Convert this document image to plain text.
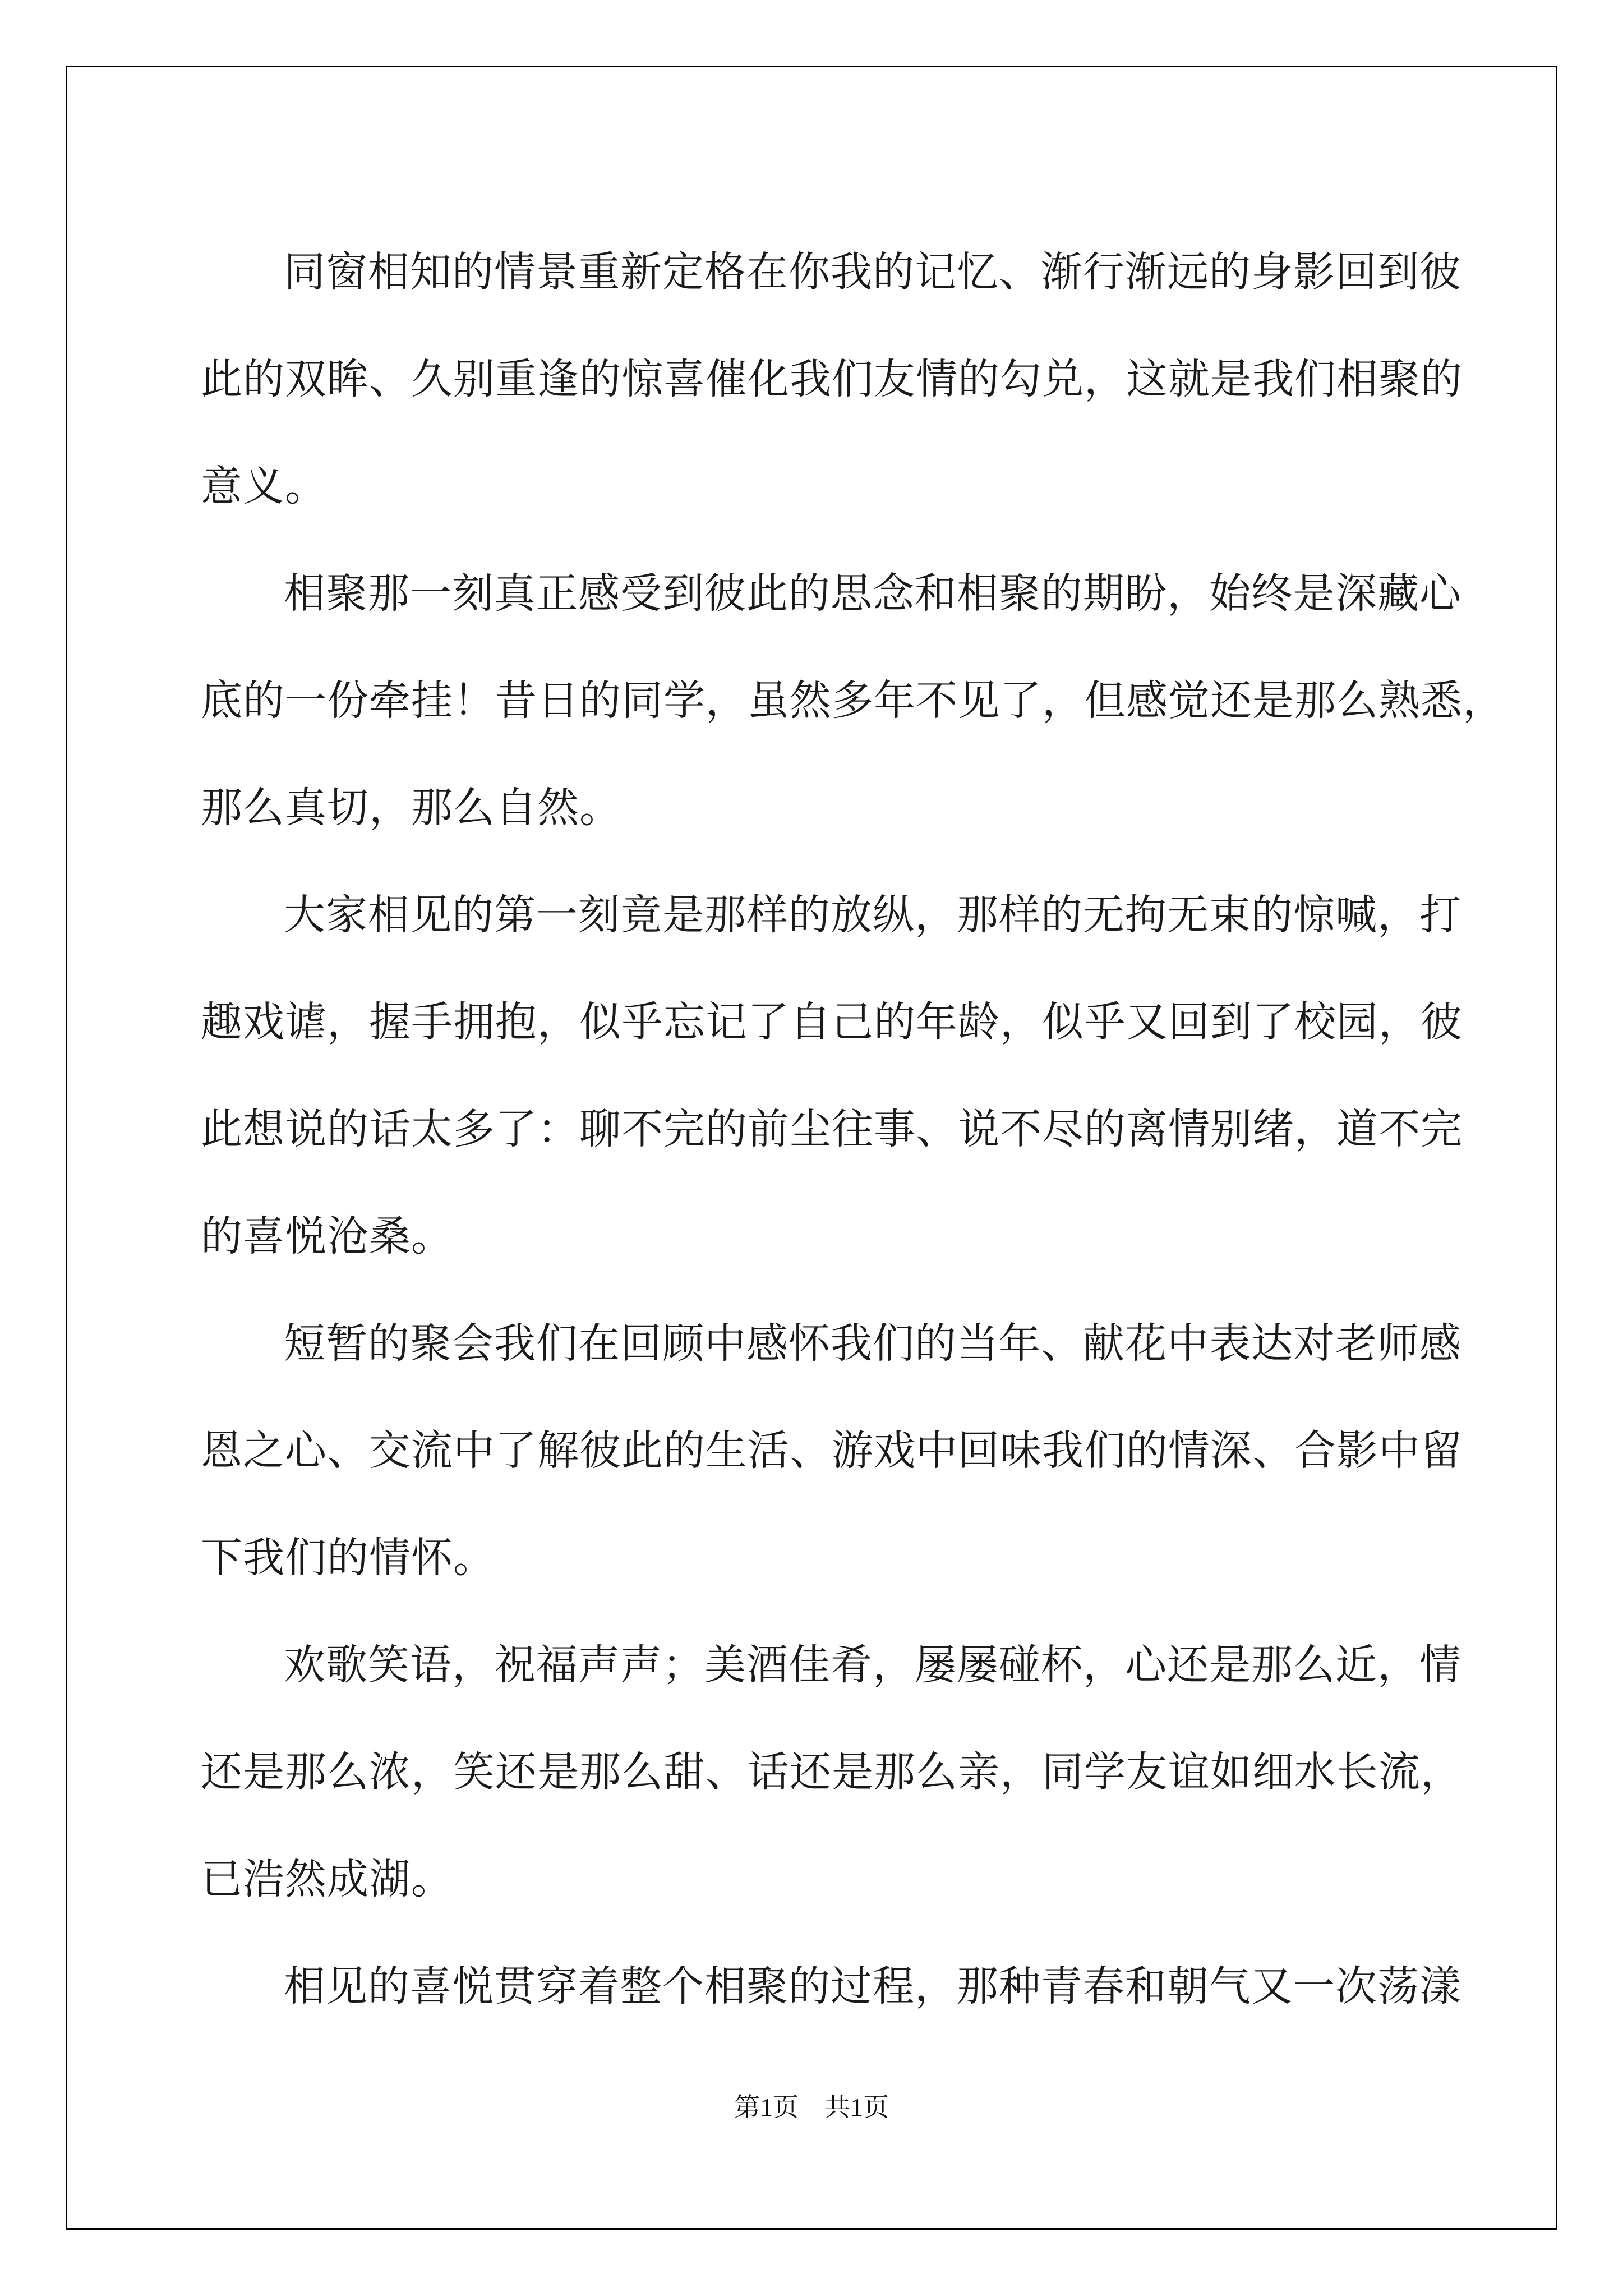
同窗相知的情景重新定格在你我的记忆、渐行渐远的身影回到彼
此的双眸、久别重逢的惊喜催化我们友情的勾兑，这就是我们相聚的
意义。
相聚那一刻真正感受到彼此的思念和相聚的期盼，始终是深藏心
底的一份牵挂！昔日的同学，虽然多年不见了，但感觉还是那么熟悉，
那么真切，那么自然。
大家相见的第一刻竟是那样的放纵，那样的无拘无束的惊喊，打
趣戏谑，握手拥抱，似乎忘记了自己的年龄，似乎又回到了校园，彼
此想说的话太多了：聊不完的前尘往事、说不尽的离情别绪，道不完
的喜悦沧桑。
短暂的聚会我们在回顾中感怀我们的当年、献花中表达对老师感
恩之心、交流中了解彼此的生活、游戏中回味我们的情深、合影中留
下我们的情怀。
欢歌笑语，祝福声声；美酒佳肴，屡屡碰杯，心还是那么近，情
还是那么浓，笑还是那么甜、话还是那么亲，同学友谊如细水长流，
已浩然成湖。
相见的喜悦贯穿着整个相聚的过程，那种青春和朝气又一次荡漾
第1页　共1页
